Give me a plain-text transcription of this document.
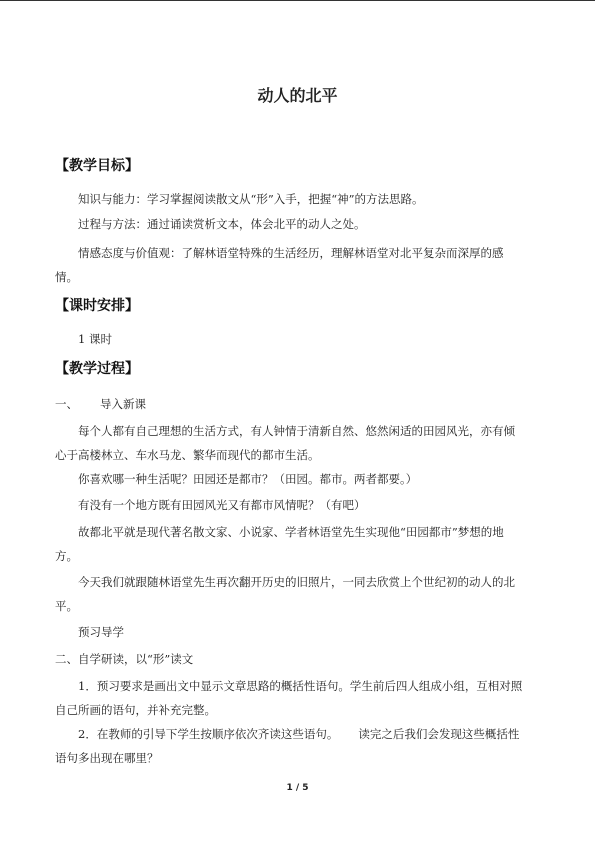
动人的北平
【教学目标】
知识与能力：学习掌握阅读散文从“形”入手，把握“神”的方法思路。
过程与方法：通过诵读赏析文本，体会北平的动人之处。
情感态度与价值观：了解林语堂特殊的生活经历，理解林语堂对北平复杂而深厚的感情。
【课时安排】
1 课时
【教学过程】
一、 导入新课
每个人都有自己理想的生活方式，有人钟情于清新自然、悠然闲适的田园风光，亦有倾心于高楼林立、车水马龙、繁华而现代的都市生活。
你喜欢哪一种生活呢？田园还是都市？（田园。都市。两者都要。）
有没有一个地方既有田园风光又有都市风情呢？（有吧）
故都北平就是现代著名散文家、小说家、学者林语堂先生实现他“田园都市”梦想的地方。
今天我们就跟随林语堂先生再次翻开历史的旧照片，一同去欣赏上个世纪初的动人的北平。
预习导学
二、自学研读，以“形”读文
1．预习要求是画出文中显示文章思路的概括性语句。学生前后四人组成小组，互相对照自己所画的语句，并补充完整。
2．在教师的引导下学生按顺序依次齐读这些语句。 读完之后我们会发现这些概括性语句多出现在哪里？
1 / 5
